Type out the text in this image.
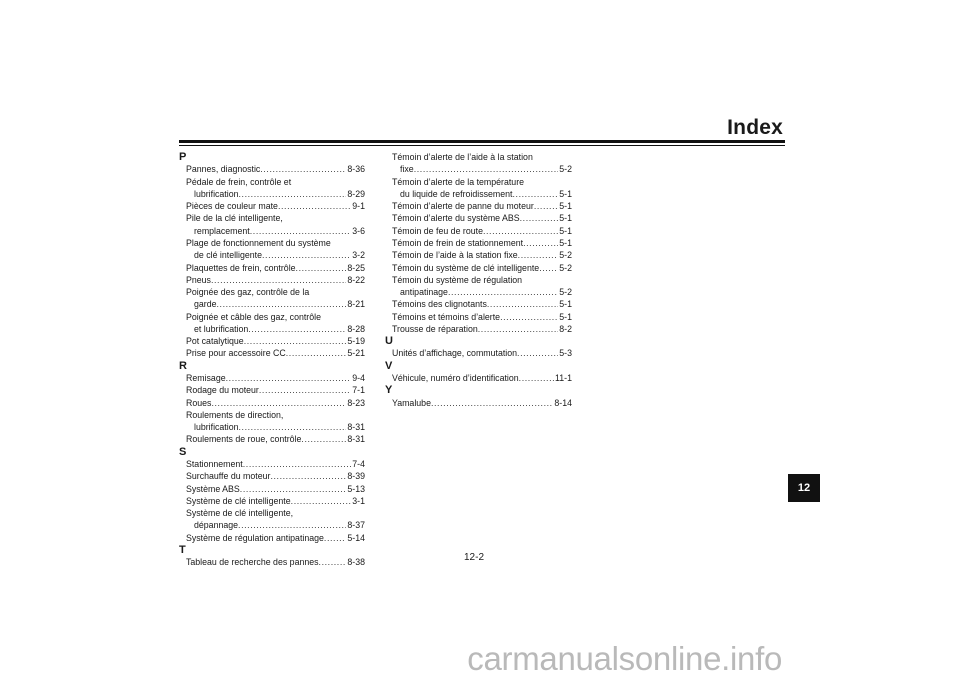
Index
P
Pannes, diagnostic .....	8-36
Pédale de frein, contrôle et
lubrification .....	8-29
Pièces de couleur mate .....	9-1
Pile de la clé intelligente,
remplacement .....	3-6
Plage de fonctionnement du système
de clé intelligente .....	3-2
Plaquettes de frein, contrôle .....	8-25
Pneus .....	8-22
Poignée des gaz, contrôle de la
garde .....	8-21
Poignée et câble des gaz, contrôle
et lubrification .....	8-28
Pot catalytique .....	5-19
Prise pour accessoire CC .....	5-21
R
Remisage .....	9-4
Rodage du moteur .....	7-1
Roues .....	8-23
Roulements de direction,
lubrification .....	8-31
Roulements de roue, contrôle .....	8-31
S
Stationnement .....	7-4
Surchauffe du moteur .....	8-39
Système ABS .....	5-13
Système de clé intelligente .....	3-1
Système de clé intelligente,
dépannage .....	8-37
Système de régulation antipatinage .....	5-14
T
Tableau de recherche des pannes .....	8-38
Témoin d’alerte de l’aide à la station
fixe .....	5-2
Témoin d’alerte de la température
du liquide de refroidissement .....	5-1
Témoin d’alerte de panne du moteur .....	5-1
Témoin d’alerte du système ABS .....	5-1
Témoin de feu de route .....	5-1
Témoin de frein de stationnement .....	5-1
Témoin de l’aide à la station fixe .....	5-2
Témoin du système de clé intelligente ..... 5-2
Témoin du système de régulation
antipatinage .....	5-2
Témoins des clignotants .....	5-1
Témoins et témoins d’alerte .....	5-1
Trousse de réparation .....	8-2
U
Unités d’affichage, commutation .....	5-3
V
Véhicule, numéro d’identification .....	11-1
Y
Yamalube .....	8-14
12
12-2
carmanualsonline.info
